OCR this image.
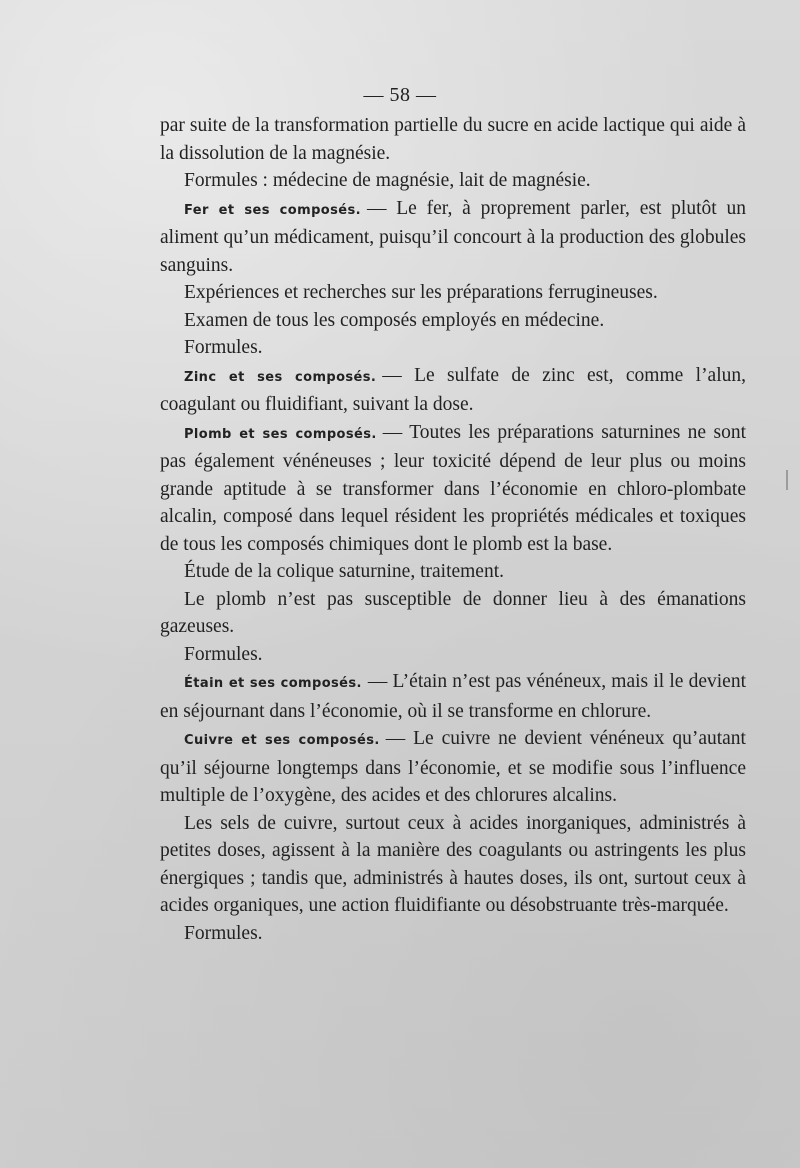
— 58 —

par suite de la transformation partielle du sucre en acide lactique qui aide à la dissolution de la magnésie.

Formules : médecine de magnésie, lait de magnésie.

Fer et ses composés. — Le fer, à proprement parler, est plutôt un aliment qu’un médicament, puisqu’il concourt à la production des globules sanguins.

Expériences et recherches sur les préparations ferrugineuses.

Examen de tous les composés employés en médecine.

Formules.

Zinc et ses composés. — Le sulfate de zinc est, comme l’alun, coagulant ou fluidifiant, suivant la dose.

Plomb et ses composés. — Toutes les préparations saturnines ne sont pas également vénéneuses ; leur toxicité dépend de leur plus ou moins grande aptitude à se transformer dans l’économie en chloro-plombate alcalin, composé dans lequel résident les propriétés médicales et toxiques de tous les composés chimiques dont le plomb est la base.

Étude de la colique saturnine, traitement.

Le plomb n’est pas susceptible de donner lieu à des émanations gazeuses.

Formules.

Étain et ses composés. — L’étain n’est pas vénéneux, mais il le devient en séjournant dans l’économie, où il se transforme en chlorure.

Cuivre et ses composés. — Le cuivre ne devient vénéneux qu’autant qu’il séjourne longtemps dans l’économie, et se modifie sous l’influence multiple de l’oxygène, des acides et des chlorures alcalins.

Les sels de cuivre, surtout ceux à acides inorganiques, administrés à petites doses, agissent à la manière des coagulants ou astringents les plus énergiques ; tandis que, administrés à hautes doses, ils ont, surtout ceux à acides organiques, une action fluidifiante ou désobstruante très-marquée.

Formules.
